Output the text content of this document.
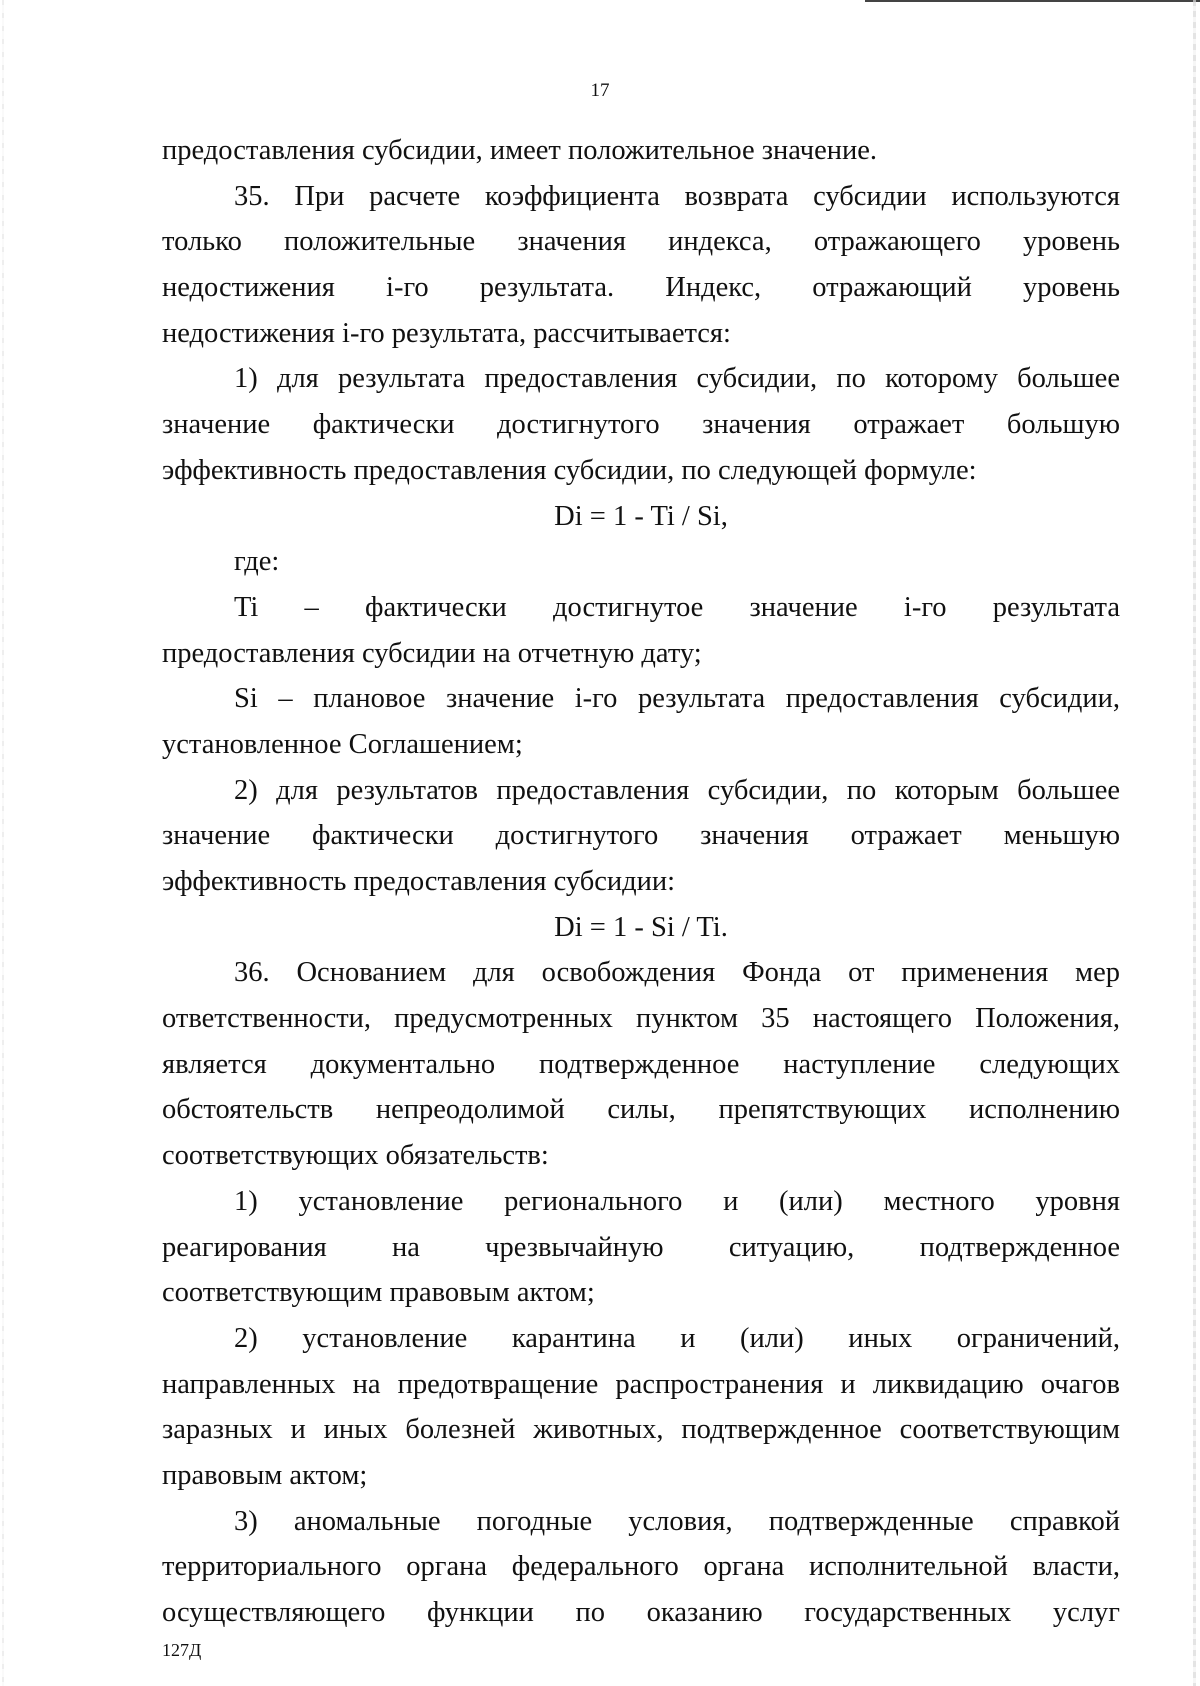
17
предоставления субсидии, имеет положительное значение.
35. При расчете коэффициента возврата субсидии используются
только положительные значения индекса, отражающего уровень
недостижения i-го результата. Индекс, отражающий уровень
недостижения i-го результата, рассчитывается:
1) для результата предоставления субсидии, по которому большее
значение фактически достигнутого значения отражает большую
эффективность предоставления субсидии, по следующей формуле:
Di = 1 - Ti / Si,
где:
Ti – фактически достигнутое значение i-го результата
предоставления субсидии на отчетную дату;
Si – плановое значение i-го результата предоставления субсидии,
установленное Соглашением;
2) для результатов предоставления субсидии, по которым большее
значение фактически достигнутого значения отражает меньшую
эффективность предоставления субсидии:
Di = 1 - Si / Ti.
36. Основанием для освобождения Фонда от применения мер
ответственности, предусмотренных пунктом 35 настоящего Положения,
является документально подтвержденное наступление следующих
обстоятельств непреодолимой силы, препятствующих исполнению
соответствующих обязательств:
1) установление регионального и (или) местного уровня
реагирования на чрезвычайную ситуацию, подтвержденное
соответствующим правовым актом;
2) установление карантина и (или) иных ограничений,
направленных на предотвращение распространения и ликвидацию очагов
заразных и иных болезней животных, подтвержденное соответствующим
правовым актом;
3) аномальные погодные условия, подтвержденные справкой
территориального органа федерального органа исполнительной власти,
осуществляющего функции по оказанию государственных услуг
127Д
